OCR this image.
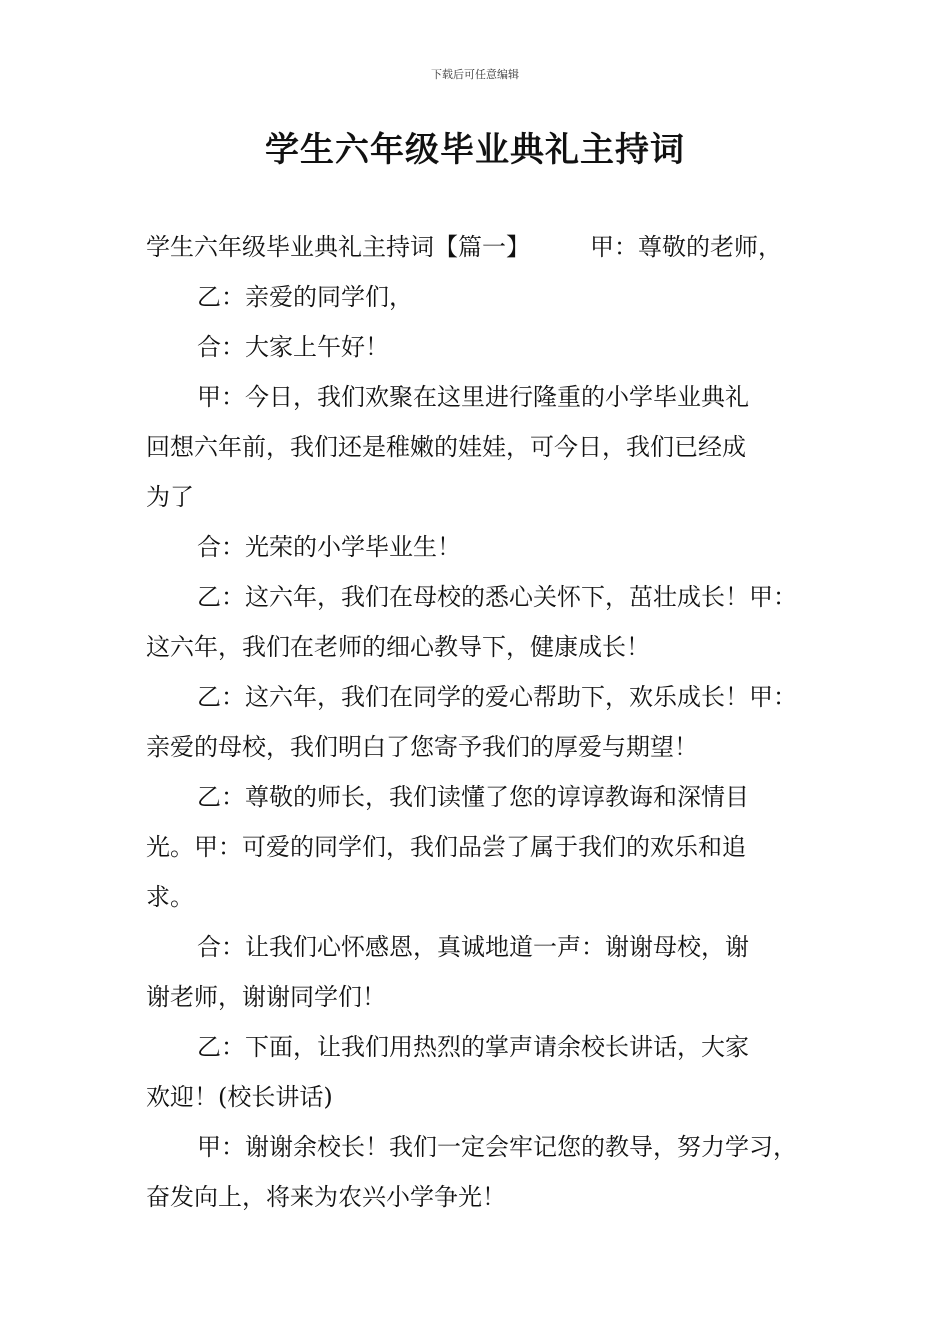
下载后可任意编辑
学生六年级毕业典礼主持词

学生六年级毕业典礼主持词【篇一】　　　甲：尊敬的老师，

乙：亲爱的同学们，

合：大家上午好！

甲：今日，我们欢聚在这里进行隆重的小学毕业典礼
回想六年前，我们还是稚嫩的娃娃，可今日，我们已经成
为了

合：光荣的小学毕业生！

乙：这六年，我们在母校的悉心关怀下，茁壮成长！甲：
这六年，我们在老师的细心教导下，健康成长！

乙：这六年，我们在同学的爱心帮助下，欢乐成长！甲：
亲爱的母校，我们明白了您寄予我们的厚爱与期望！

乙：尊敬的师长，我们读懂了您的谆谆教诲和深情目
光。甲：可爱的同学们，我们品尝了属于我们的欢乐和追
求。

合：让我们心怀感恩，真诚地道一声：谢谢母校，谢
谢老师，谢谢同学们！

乙：下面，让我们用热烈的掌声请余校长讲话，大家
欢迎！(校长讲话)

甲：谢谢余校长！我们一定会牢记您的教导，努力学习，
奋发向上，将来为农兴小学争光！
